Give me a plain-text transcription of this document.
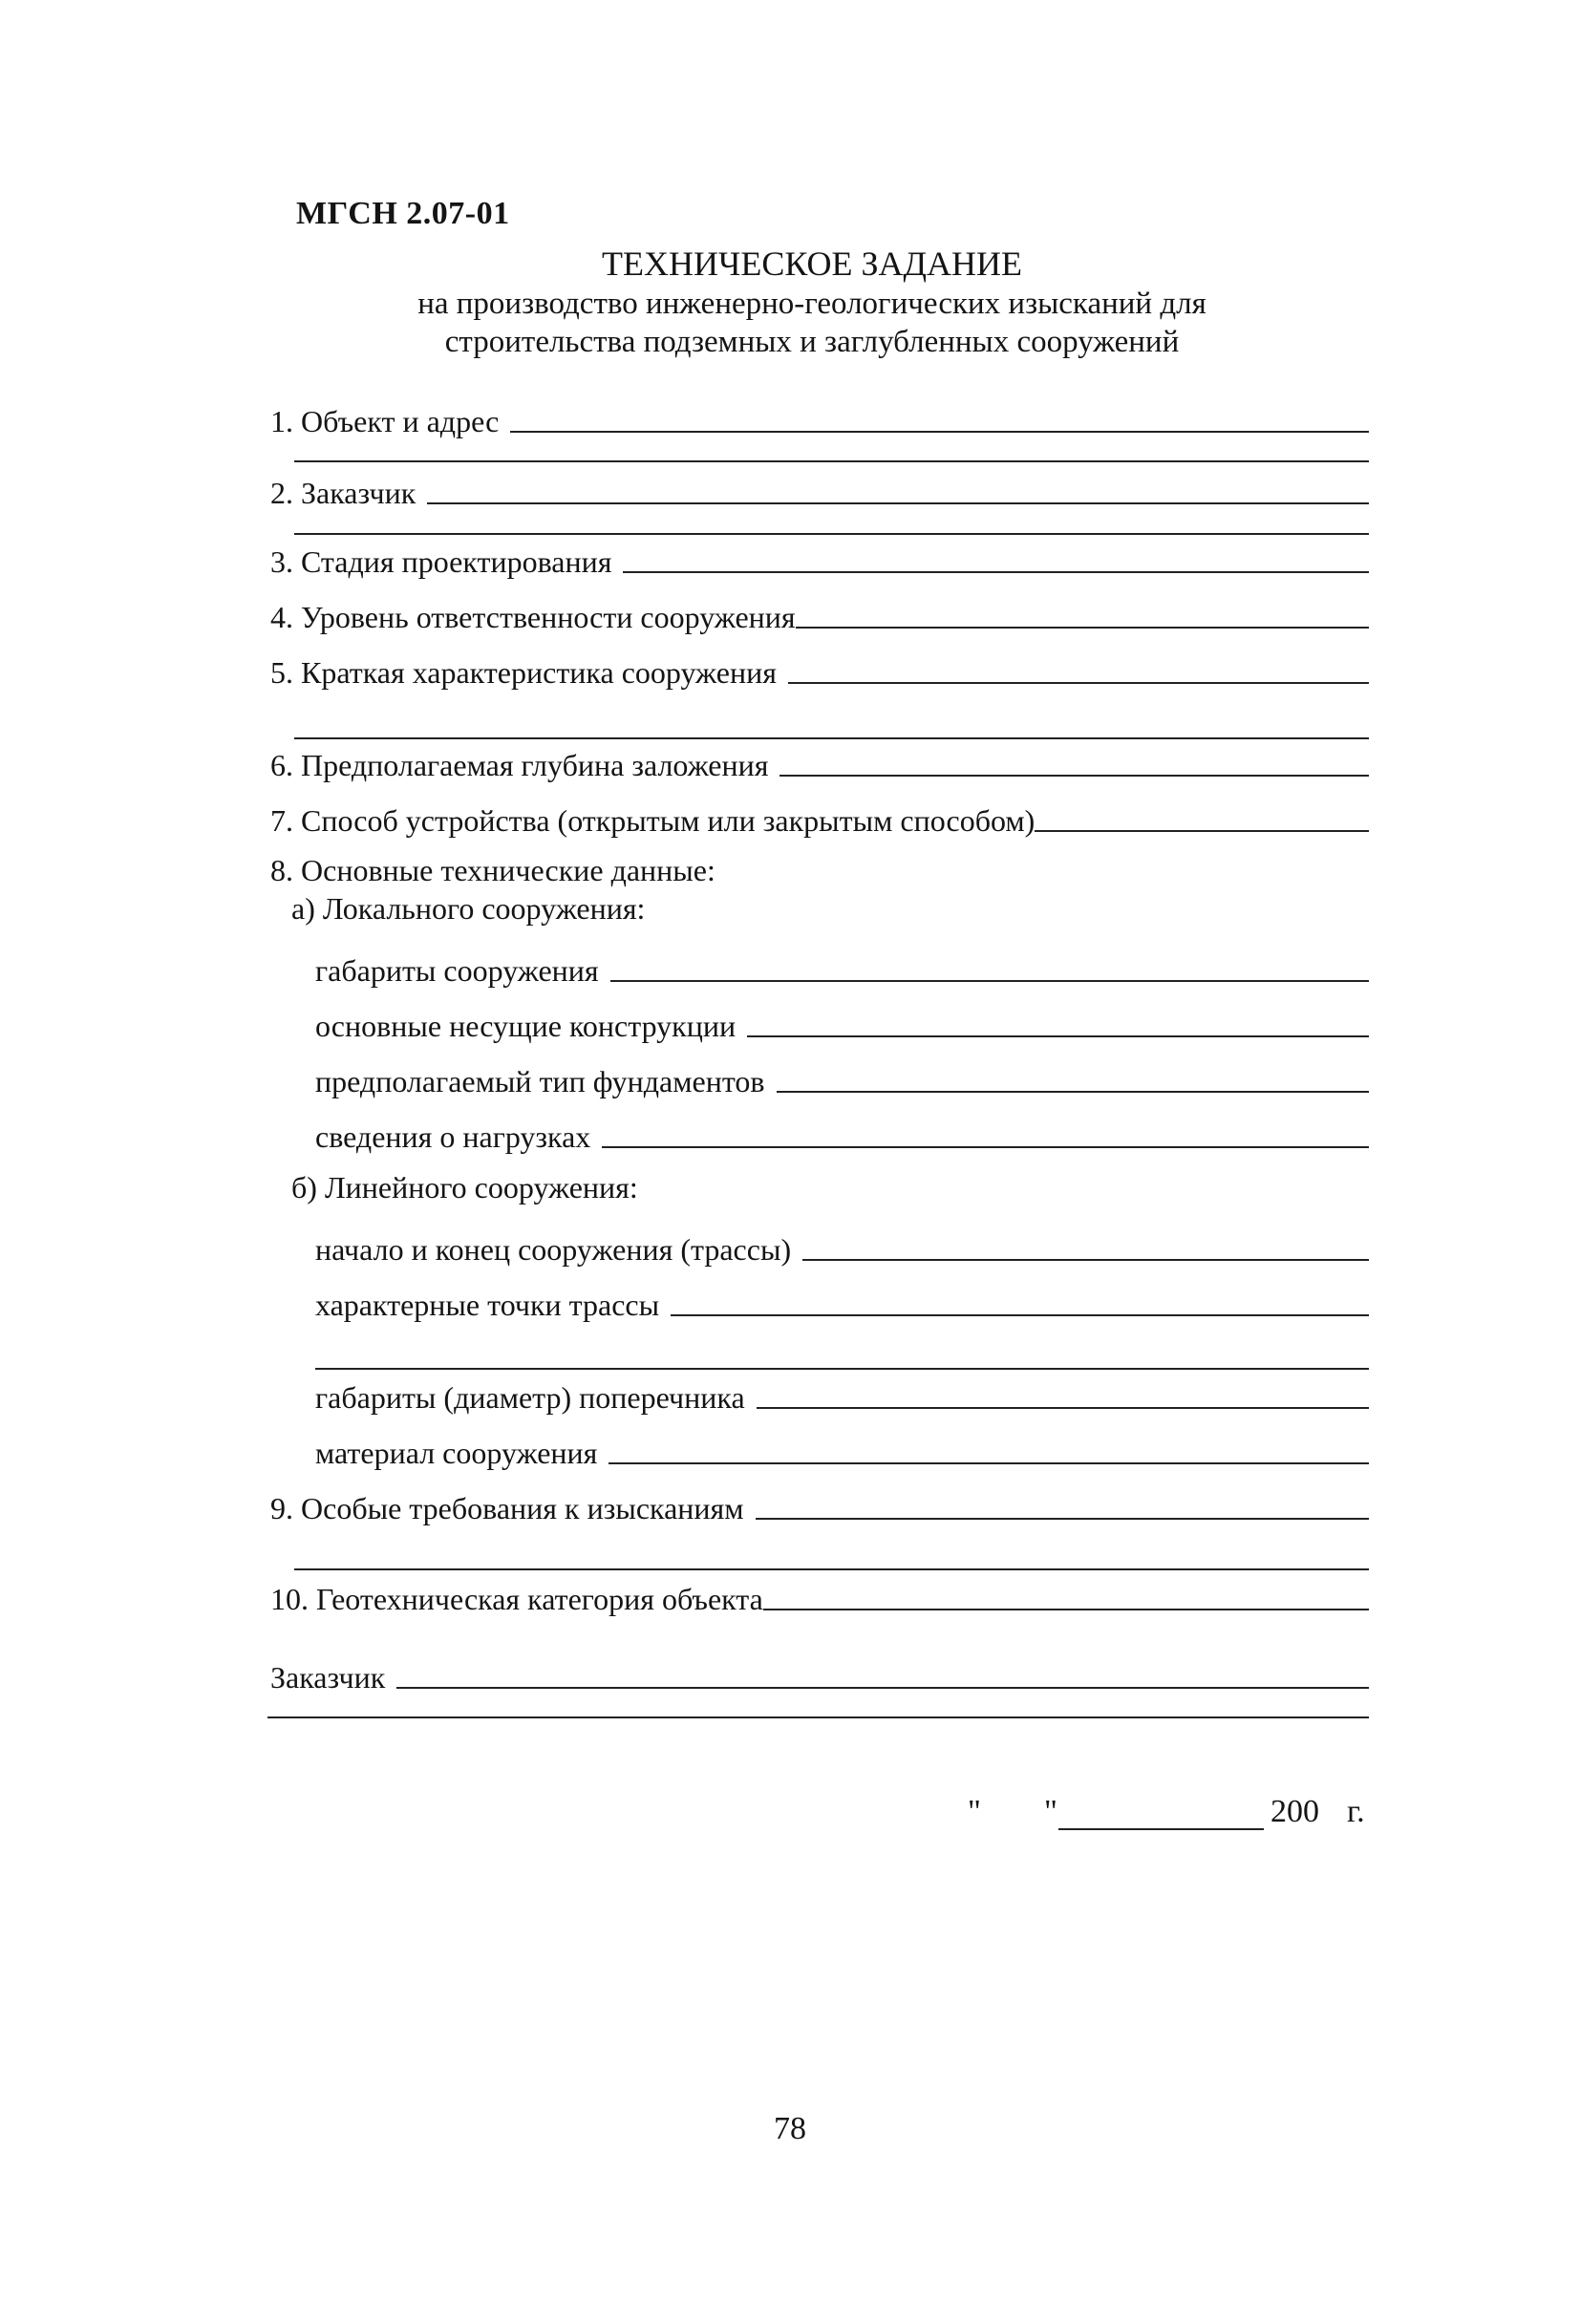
МГСН 2.07-01
ТЕХНИЧЕСКОЕ ЗАДАНИЕ
на производство инженерно-геологических изысканий для
строительства подземных и заглубленных сооружений
1. Объект и адрес
2. Заказчик
3. Стадия проектирования
4. Уровень ответственности сооружения
5. Краткая характеристика сооружения
6. Предполагаемая глубина заложения
7. Способ устройства (открытым или закрытым способом)
8. Основные технические данные:
а) Локального сооружения:
габариты сооружения
основные несущие конструкции
предполагаемый тип фундаментов
сведения о нагрузках
б) Линейного сооружения:
начало и конец сооружения (трассы)
характерные точки трассы
габариты (диаметр) поперечника
материал сооружения
9. Особые требования к изысканиям
10. Геотехническая категория объекта
Заказчик
" "	200 г.
78
